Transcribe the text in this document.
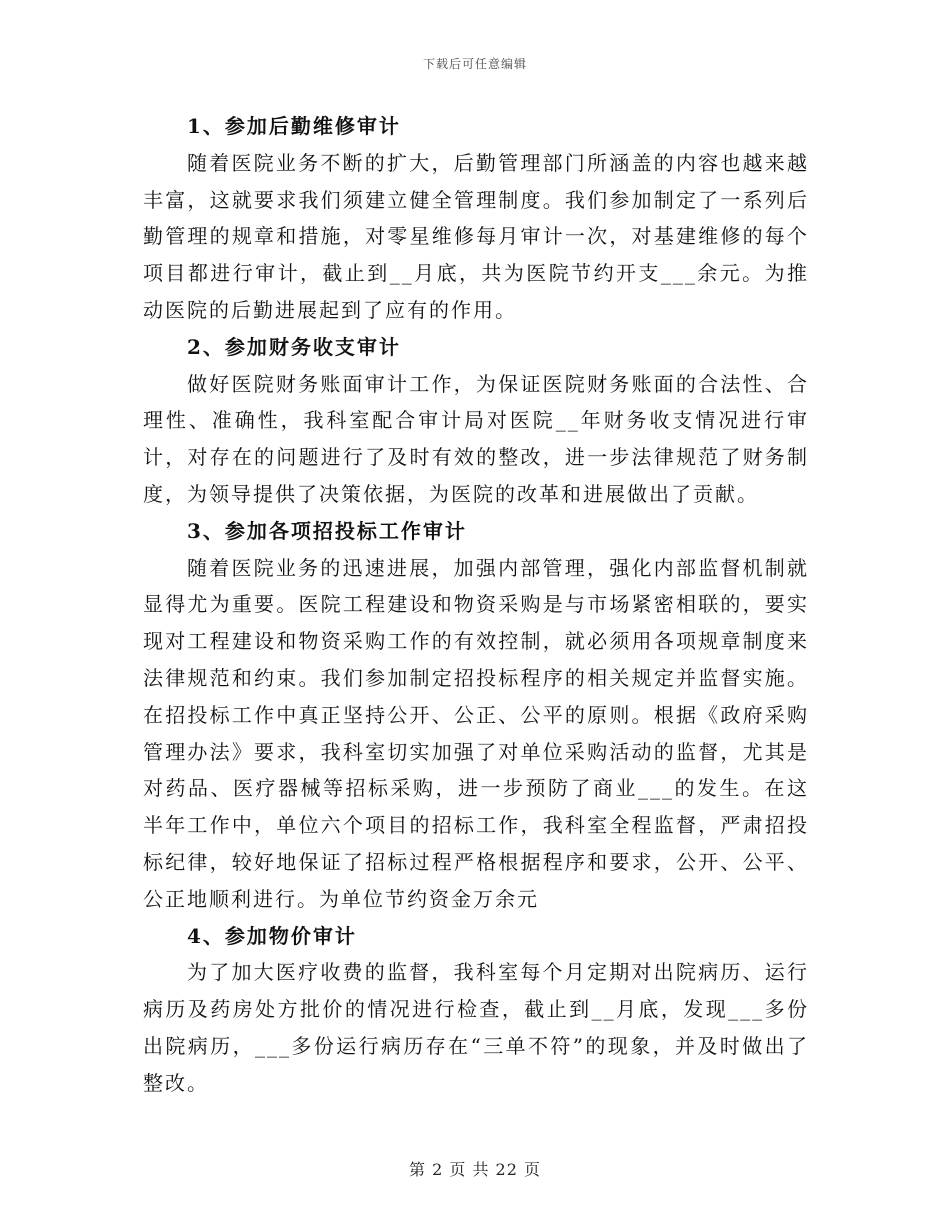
下载后可任意编辑

1、参加后勤维修审计

随着医院业务不断的扩大，后勤管理部门所涵盖的内容也越来越丰富，这就要求我们须建立健全管理制度。我们参加制定了一系列后勤管理的规章和措施，对零星维修每月审计一次，对基建维修的每个项目都进行审计，截止到__月底，共为医院节约开支___余元。为推动医院的后勤进展起到了应有的作用。

2、参加财务收支审计

做好医院财务账面审计工作，为保证医院财务账面的合法性、合理性、准确性，我科室配合审计局对医院__年财务收支情况进行审计，对存在的问题进行了及时有效的整改，进一步法律规范了财务制度，为领导提供了决策依据，为医院的改革和进展做出了贡献。

3、参加各项招投标工作审计

随着医院业务的迅速进展，加强内部管理，强化内部监督机制就显得尤为重要。医院工程建设和物资采购是与市场紧密相联的，要实现对工程建设和物资采购工作的有效控制，就必须用各项规章制度来法律规范和约束。我们参加制定招投标程序的相关规定并监督实施。在招投标工作中真正坚持公开、公正、公平的原则。根据《政府采购管理办法》要求，我科室切实加强了对单位采购活动的监督，尤其是对药品、医疗器械等招标采购，进一步预防了商业___的发生。在这半年工作中，单位六个项目的招标工作，我科室全程监督，严肃招投标纪律，较好地保证了招标过程严格根据程序和要求，公开、公平、公正地顺利进行。为单位节约资金万余元

4、参加物价审计

为了加大医疗收费的监督，我科室每个月定期对出院病历、运行病历及药房处方批价的情况进行检查，截止到__月底，发现___多份出院病历，___多份运行病历存在“三单不符”的现象，并及时做出了整改。

第 2 页 共 22 页
